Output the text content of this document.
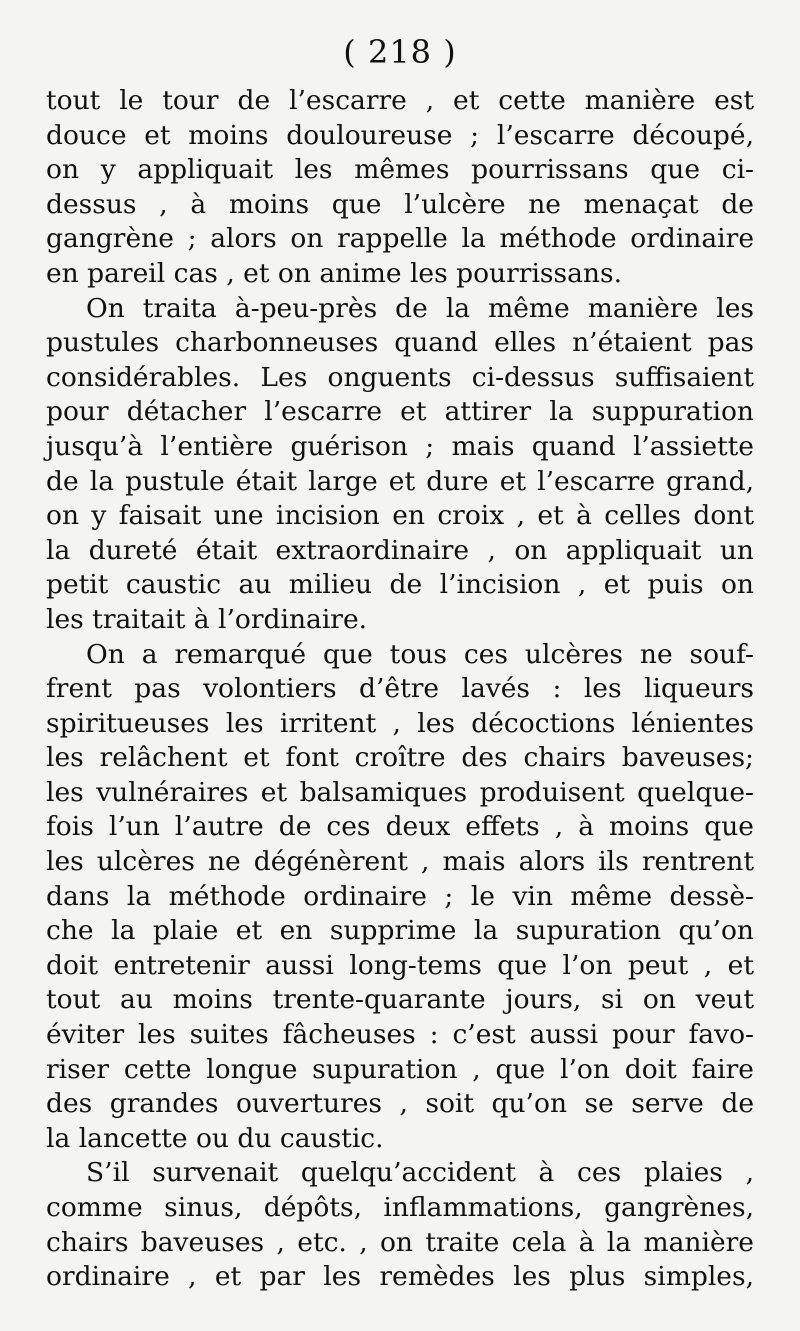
( 218 )
tout le tour de l’escarre , et cette manière est
douce et moins douloureuse ; l’escarre découpé,
on y appliquait les mêmes pourrissans que ci-
dessus , à moins que l’ulcère ne menaçat de
gangrène ; alors on rappelle la méthode ordinaire
en pareil cas , et on anime les pourrissans.
On traita à-peu-près de la même manière les
pustules charbonneuses quand elles n’étaient pas
considérables. Les onguents ci-dessus suffisaient
pour détacher l’escarre et attirer la suppuration
jusqu’à l’entière guérison ; mais quand l’assiette
de la pustule était large et dure et l’escarre grand,
on y faisait une incision en croix , et à celles dont
la dureté était extraordinaire , on appliquait un
petit caustic au milieu de l’incision , et puis on
les traitait à l’ordinaire.
On a remarqué que tous ces ulcères ne souf-
frent pas volontiers d’être lavés : les liqueurs
spiritueuses les irritent , les décoctions lénientes
les relâchent et font croître des chairs baveuses;
les vulnéraires et balsamiques produisent quelque-
fois l’un l’autre de ces deux effets , à moins que
les ulcères ne dégénèrent , mais alors ils rentrent
dans la méthode ordinaire ; le vin même dessè-
che la plaie et en supprime la supuration qu’on
doit entretenir aussi long-tems que l’on peut , et
tout au moins trente-quarante jours, si on veut
éviter les suites fâcheuses : c’est aussi pour favo-
riser cette longue supuration , que l’on doit faire
des grandes ouvertures , soit qu’on se serve de
la lancette ou du caustic.
S’il survenait quelqu’accident à ces plaies ,
comme sinus, dépôts, inflammations, gangrènes,
chairs baveuses , etc. , on traite cela à la manière
ordinaire , et par les remèdes les plus simples,
